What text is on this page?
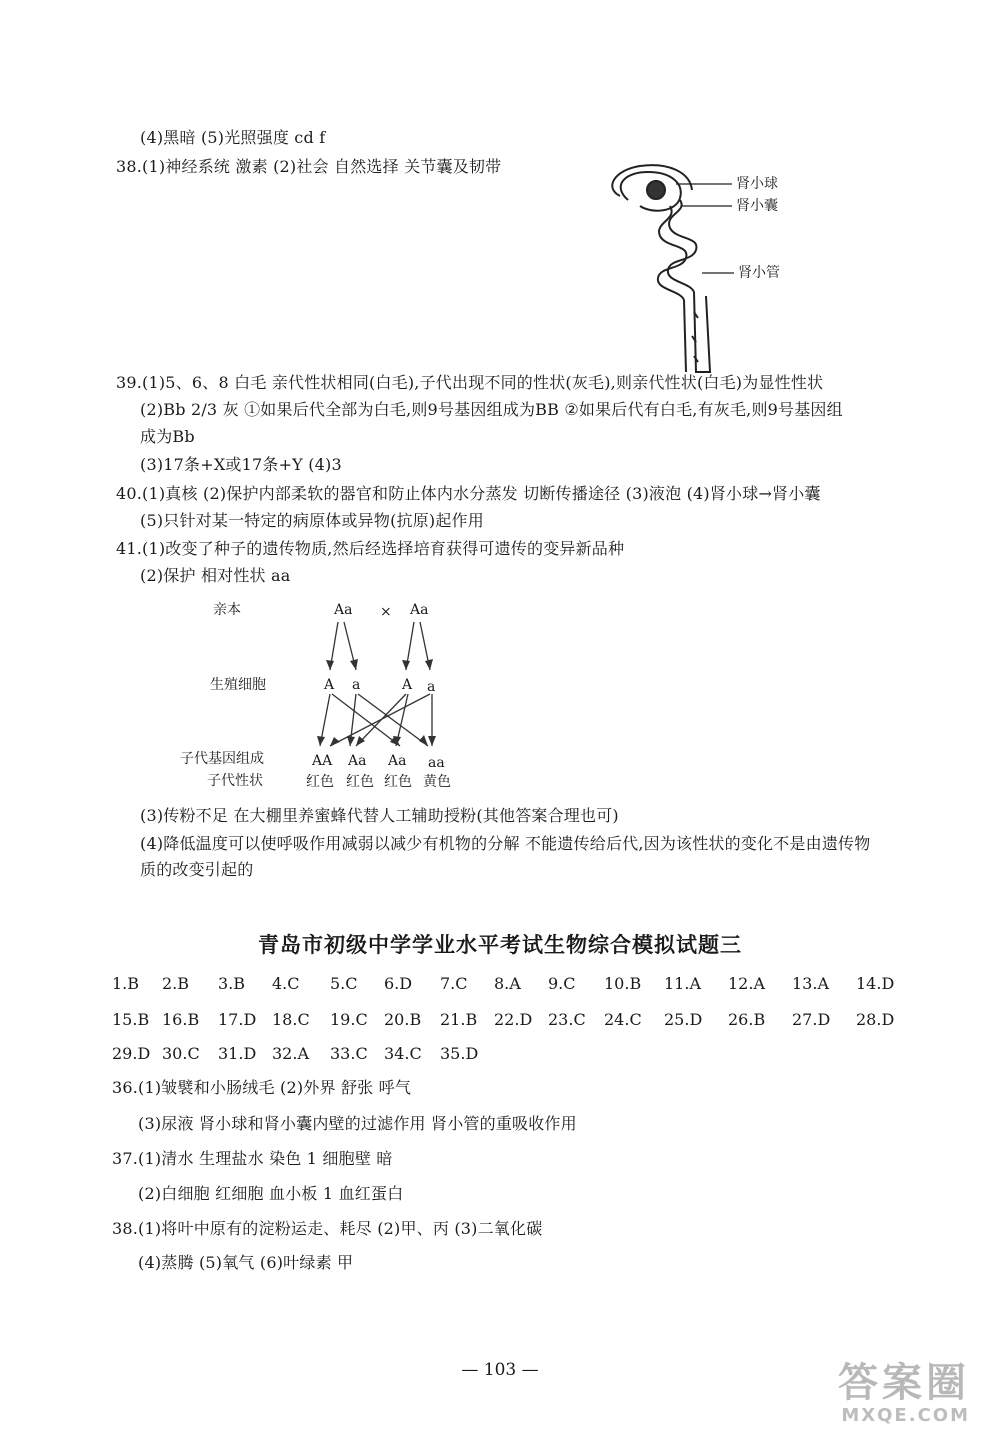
(4)黑暗 (5)光照强度 cd f
38.(1)神经系统 激素 (2)社会 自然选择 关节囊及韧带
肾小球
肾小囊
肾小管
39.(1)5、6、8 白毛 亲代性状相同(白毛),子代出现不同的性状(灰毛),则亲代性状(白毛)为显性性状
(2)Bb 2/3 灰 ①如果后代全部为白毛,则9号基因组成为BB ②如果后代有白毛,有灰毛,则9号基因组
成为Bb
(3)17条+X或17条+Y (4)3
40.(1)真核 (2)保护内部柔软的器官和防止体内水分蒸发 切断传播途径 (3)液泡 (4)肾小球→肾小囊
(5)只针对某一特定的病原体或异物(抗原)起作用
41.(1)改变了种子的遗传物质,然后经选择培育获得可遗传的变异新品种
(2)保护 相对性状 aa
亲本	Aa × Aa
生殖细胞	A a	A a
子代基因组成	AA Aa Aa aa
子代性状	红色 红色 红色 黄色
(3)传粉不足 在大棚里养蜜蜂代替人工辅助授粉(其他答案合理也可)
(4)降低温度可以使呼吸作用减弱以减少有机物的分解 不能遗传给后代,因为该性状的变化不是由遗传物
质的改变引起的
青岛市初级中学学业水平考试生物综合模拟试题三
1.B 2.B 3.B 4.C 5.C 6.D 7.C 8.A 9.C 10.B 11.A 12.A 13.A 14.D
15.B 16.B 17.D 18.C 19.C 20.B 21.B 22.D 23.C 24.C 25.D 26.B 27.D 28.D
29.D 30.C 31.D 32.A 33.C 34.C 35.D
36.(1)皱襞和小肠绒毛 (2)外界 舒张 呼气
(3)尿液 肾小球和肾小囊内壁的过滤作用 肾小管的重吸收作用
37.(1)清水 生理盐水 染色 1 细胞壁 暗
(2)白细胞 红细胞 血小板 1 血红蛋白
38.(1)将叶中原有的淀粉运走、耗尽 (2)甲、丙 (3)二氧化碳
(4)蒸腾 (5)氧气 (6)叶绿素 甲
— 103 —	答案圈
MXQE.COM
